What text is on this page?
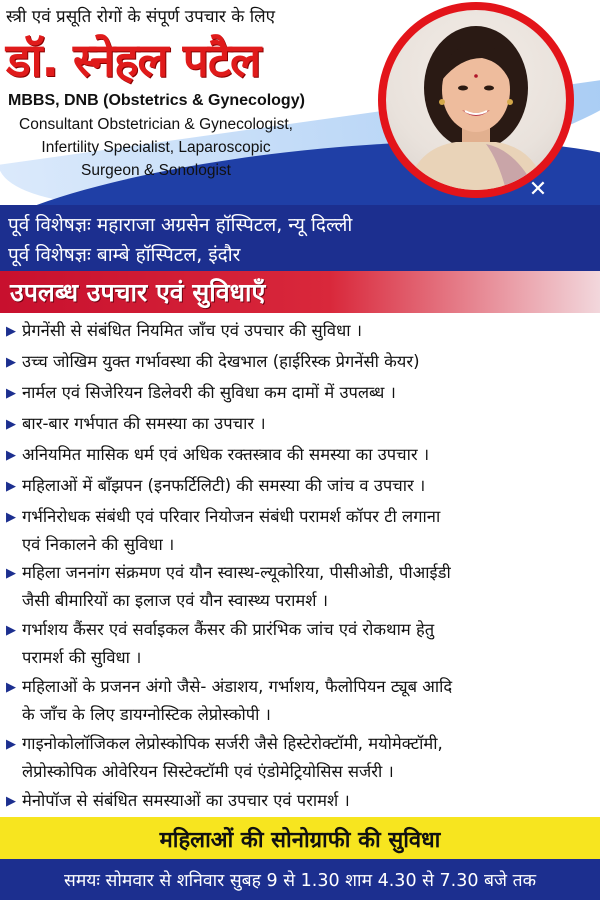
स्त्री एवं प्रसूति रोगों के संपूर्ण उपचार के लिए
डॉ. स्नेहल पटैल
MBBS, DNB (Obstetrics & Gynecology)
Consultant Obstetrician & Gynecologist,
Infertility Specialist, Laparoscopic
Surgeon & Sonologist
✕
पूर्व विशेषज्ञः महाराजा अग्रसेन हॉस्पिटल, न्यू दिल्ली
पूर्व विशेषज्ञः बाम्बे हॉस्पिटल, इंदौर
उपलब्ध उपचार एवं सुविधाएँ
▶ प्रेगनेंसी से संबंधित नियमित जाँच एवं उपचार की सुविधा ।
▶ उच्च जोखिम युक्त गर्भावस्था की देखभाल (हाईरिस्क प्रेगनेंसी केयर)
▶ नार्मल एवं सिजेरियन डिलेवरी की सुविधा कम दामों में उपलब्ध ।
▶ बार-बार गर्भपात की समस्या का उपचार ।
▶ अनियमित मासिक धर्म एवं अधिक रक्तस्त्राव की समस्या का उपचार ।
▶ महिलाओं में बाँझपन (इनफर्टिलिटी) की समस्या की जांच व उपचार ।
▶ गर्भनिरोधक संबंधी एवं परिवार नियोजन संबंधी परामर्श कॉपर टी लगाना
एवं निकालने की सुविधा ।
▶ महिला जननांग संक्रमण एवं यौन स्वास्थ-ल्यूकोरिया, पीसीओडी, पीआईडी
जैसी बीमारियों का इलाज एवं यौन स्वास्थ्य परामर्श ।
▶ गर्भाशय कैंसर एवं सर्वाइकल कैंसर की प्रारंभिक जांच एवं रोकथाम हेतु
परामर्श की सुविधा ।
▶ महिलाओं के प्रजनन अंगो जैसे- अंडाशय, गर्भाशय, फैलोपियन ट्यूब आदि
के जाँच के लिए डायग्नोस्टिक लेप्रोस्कोपी ।
▶ गाइनोकोलॉजिकल लेप्रोस्कोपिक सर्जरी जैसे हिस्टेरोक्टॉमी, मयोमेक्टॉमी,
लेप्रोस्कोपिक ओवेरियन सिस्टेक्टॉमी एवं एंडोमेट्रियोसिस सर्जरी ।
▶ मेनोपॉज से संबंधित समस्याओं का उपचार एवं परामर्श ।
महिलाओं की सोनोग्राफी की सुविधा
समयः सोमवार से शनिवार सुबह 9 से 1.30 शाम 4.30 से 7.30 बजे तक
